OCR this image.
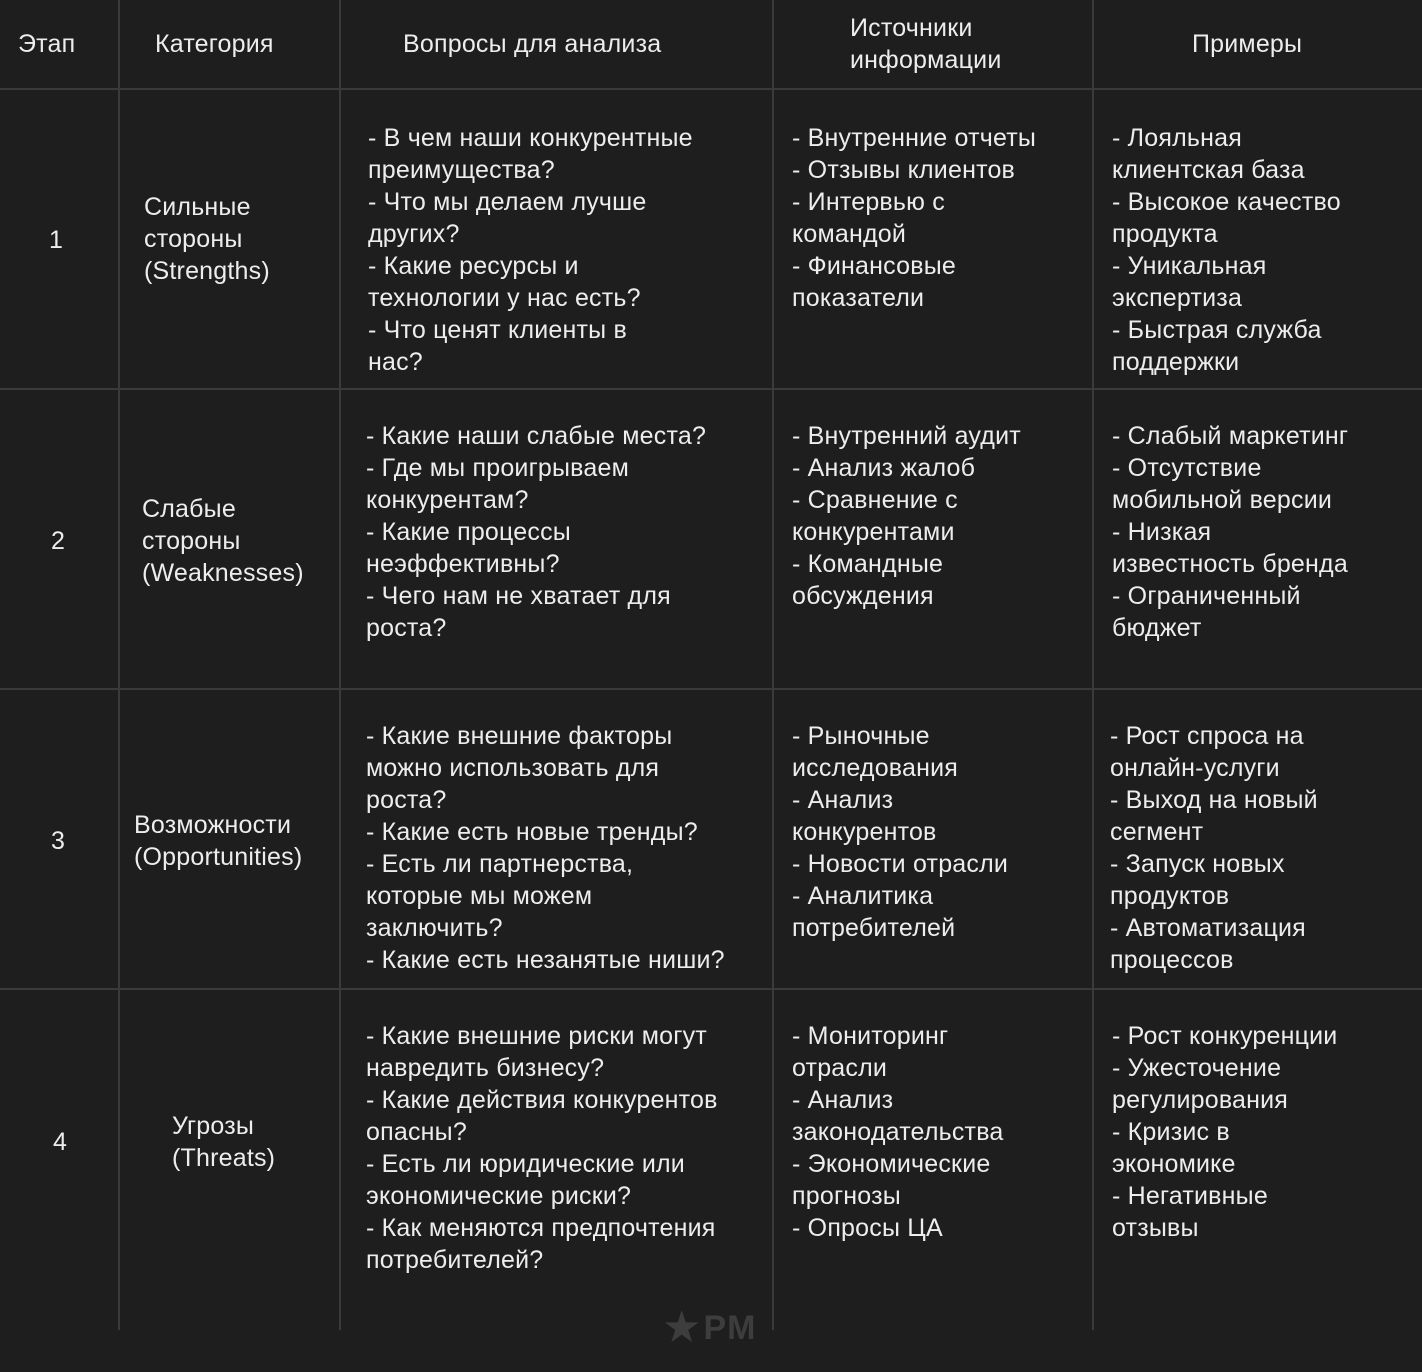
Этап	Категория	Вопросы для анализа
Источники
информации
Примеры
1
Сильные
стороны
(Strengths)
- В чем наши конкурентные
преимущества?
- Что мы делаем лучше
других?
- Какие ресурсы и
технологии у нас есть?
- Что ценят клиенты в
нас?
- Внутренние отчеты
- Отзывы клиентов
- Интервью с
командой
- Финансовые
показатели
- Лояльная
клиентская база
- Высокое качество
продукта
- Уникальная
экспертиза
- Быстрая служба
поддержки
2
Слабые
стороны
(Weaknesses)
- Какие наши слабые места?
- Где мы проигрываем
конкурентам?
- Какие процессы
неэффективны?
- Чего нам не хватает для
роста?
- Внутренний аудит
- Анализ жалоб
- Сравнение с
конкурентами
- Командные
обсуждения
- Слабый маркетинг
- Отсутствие
мобильной версии
- Низкая
известность бренда
- Ограниченный
бюджет
3
Возможности
(Opportunities)
- Какие внешние факторы
можно использовать для
роста?
- Какие есть новые тренды?
- Есть ли партнерства,
которые мы можем
заключить?
- Какие есть незанятые ниши?
- Рыночные
исследования
- Анализ
конкурентов
- Новости отрасли
- Аналитика
потребителей
- Рост спроса на
онлайн-услуги
- Выход на новый
сегмент
- Запуск новых
продуктов
- Автоматизация
процессов
4
Угрозы
(Threats)
- Какие внешние риски могут
навредить бизнесу?
- Какие действия конкурентов
опасны?
- Есть ли юридические или
экономические риски?
- Как меняются предпочтения
потребителей?
- Мониторинг
отрасли
- Анализ
законодательства
- Экономические
прогнозы
- Опросы ЦА
- Рост конкуренции
- Ужесточение
регулирования
- Кризис в
экономике
- Негативные
отзывы
★ PM
